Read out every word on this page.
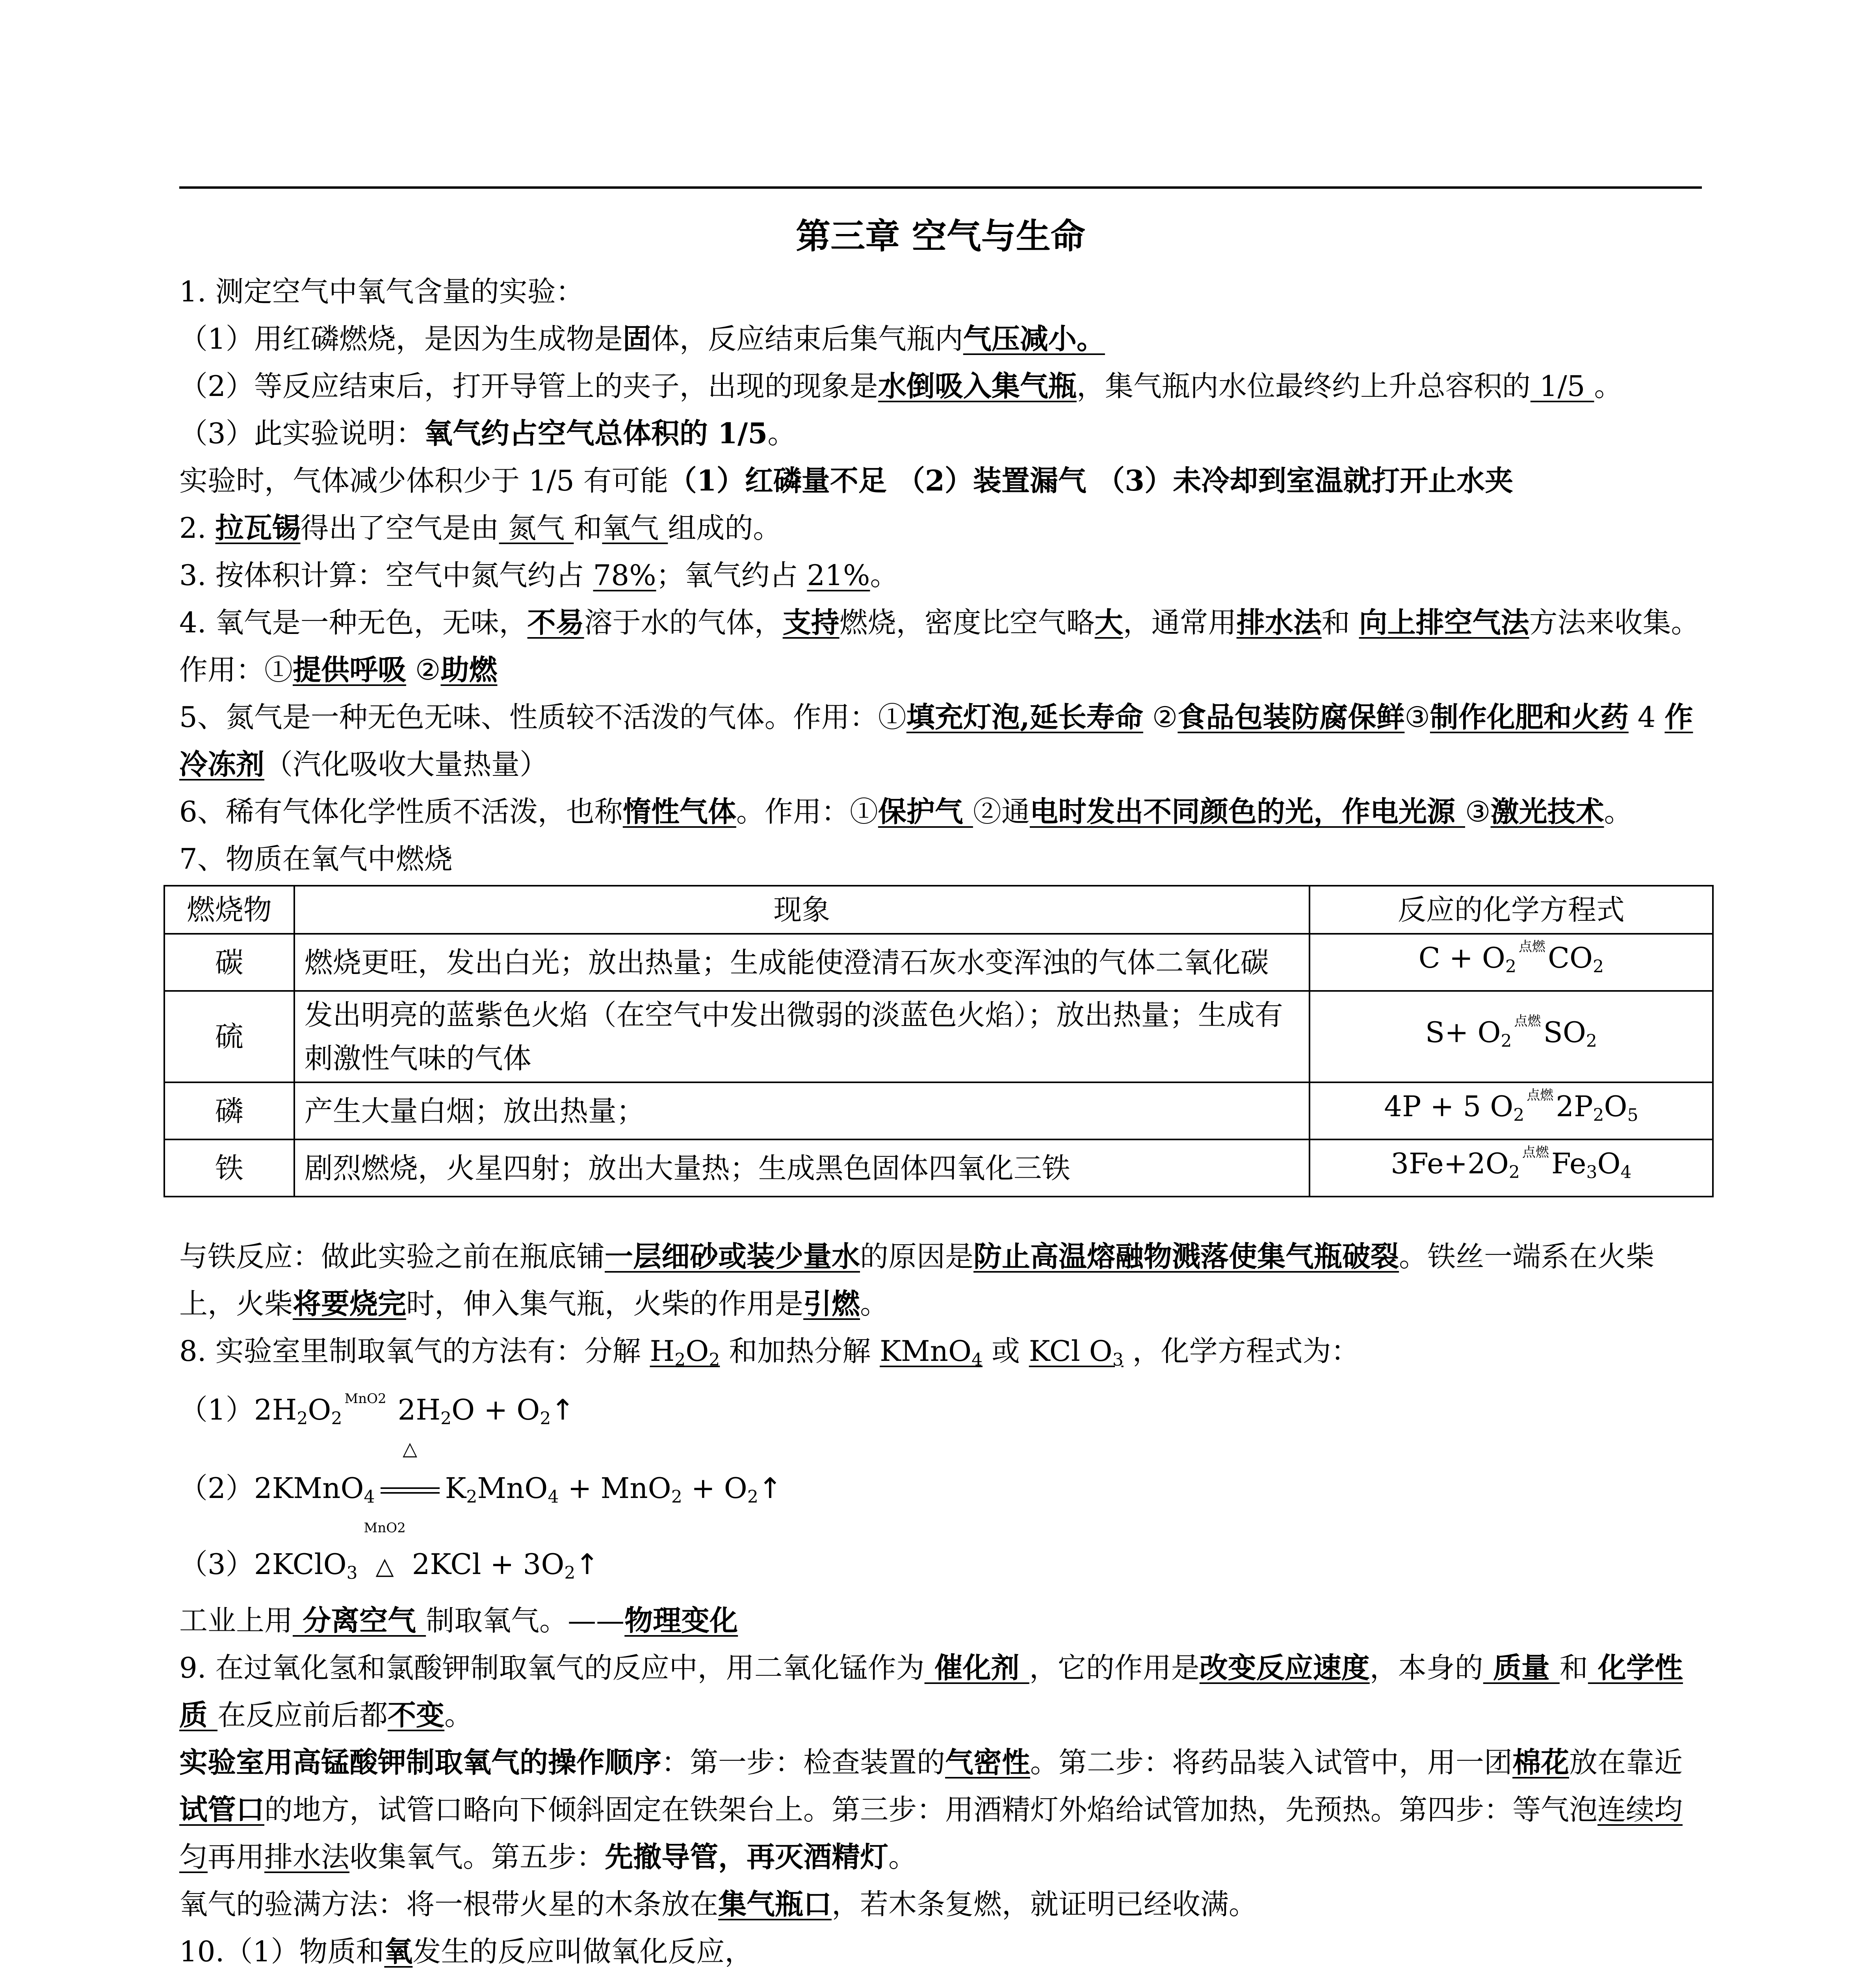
第三章 空气与生命

1. 测定空气中氧气含量的实验：

（1）用红磷燃烧，是因为生成物是固体，反应结束后集气瓶内气压减小。

（2）等反应结束后，打开导管上的夹子，出现的现象是水倒吸入集气瓶，集气瓶内水位最终约上升总容积的 1/5 。

（3）此实验说明：氧气约占空气总体积的 1/5。

实验时，气体减少体积少于 1/5 有可能（1）红磷量不足 （2）装置漏气 （3）未冷却到室温就打开止水夹

2. 拉瓦锡得出了空气是由 氮气 和氧气 组成的。

3. 按体积计算：空气中氮气约占 78%；氧气约占 21%。

4. 氧气是一种无色，无味，不易溶于水的气体，支持燃烧，密度比空气略大，通常用排水法和 向上排空气法方法来收集。作用：①提供呼吸 ②助燃

5、氮气是一种无色无味、性质较不活泼的气体。作用：①填充灯泡,延长寿命 ②食品包装防腐保鲜③制作化肥和火药 4 作冷冻剂（汽化吸收大量热量）

6、稀有气体化学性质不活泼，也称惰性气体。作用：①保护气 ②通电时发出不同颜色的光，作电光源 ③激光技术。

7、物质在氧气中燃烧

燃烧物	现象	反应的化学方程式
碳	燃烧更旺，发出白光；放出热量；生成能使澄清石灰水变浑浊的气体二氧化碳	$C + O_2^{点燃}CO_2$
硫	发出明亮的蓝紫色火焰（在空气中发出微弱的淡蓝色火焰）；放出热量；生成有刺激性气味的气体	$S+ O_2^{点燃}SO_2$
磷	产生大量白烟；放出热量；	4P + 5 $O_2^{点燃}2P_2O_5$
铁	剧烈燃烧，火星四射；放出大量热；生成黑色固体四氧化三铁	$3Fe+2O_2^{点燃}Fe_3O_4$

与铁反应：做此实验之前在瓶底铺一层细砂或装少量水的原因是防止高温熔融物溅落使集气瓶破裂。铁丝一端系在火柴上，火柴将要烧完时，伸入集气瓶，火柴的作用是引燃。

8. 实验室里制取氧气的方法有：分解 $H_2O_2$ 和加热分解 KMnO$_4$ 或 KCl $O_3$ ，化学方程式为：

$(1)2H_2O_2^{MnO2}$ $2H_2O$ + $O_2↑$

（2）2KMnO$_4$
△
$K_2MnO_4 + MnO_2$ + $O_2↑$

（3）2KClO$_3$
MnO2
△ $2KCl + 3O_2↑$

工业上用 分离空气 制取氧气。——物理变化

9. 在过氧化氢和氯酸钾制取氧气的反应中，用二氧化锰作为 催化剂 ，它的作用是改变反应速度，本身的 质量 和 化学性质 在反应前后都不变。

实验室用高锰酸钾制取氧气的操作顺序：第一步：检查装置的气密性。第二步：将药品装入试管中，用一团棉花放在靠近试管口的地方，试管口略向下倾斜固定在铁架台上。第三步：用酒精灯外焰给试管加热，先预热。第四步：等气泡连续均匀再用排水法收集氧气。第五步：先撤导管，再灭酒精灯。

氧气的验满方法：将一根带火星的木条放在集气瓶口，若木条复燃，就证明已经收满。

10.（1）物质和氧发生的反应叫做氧化反应，
